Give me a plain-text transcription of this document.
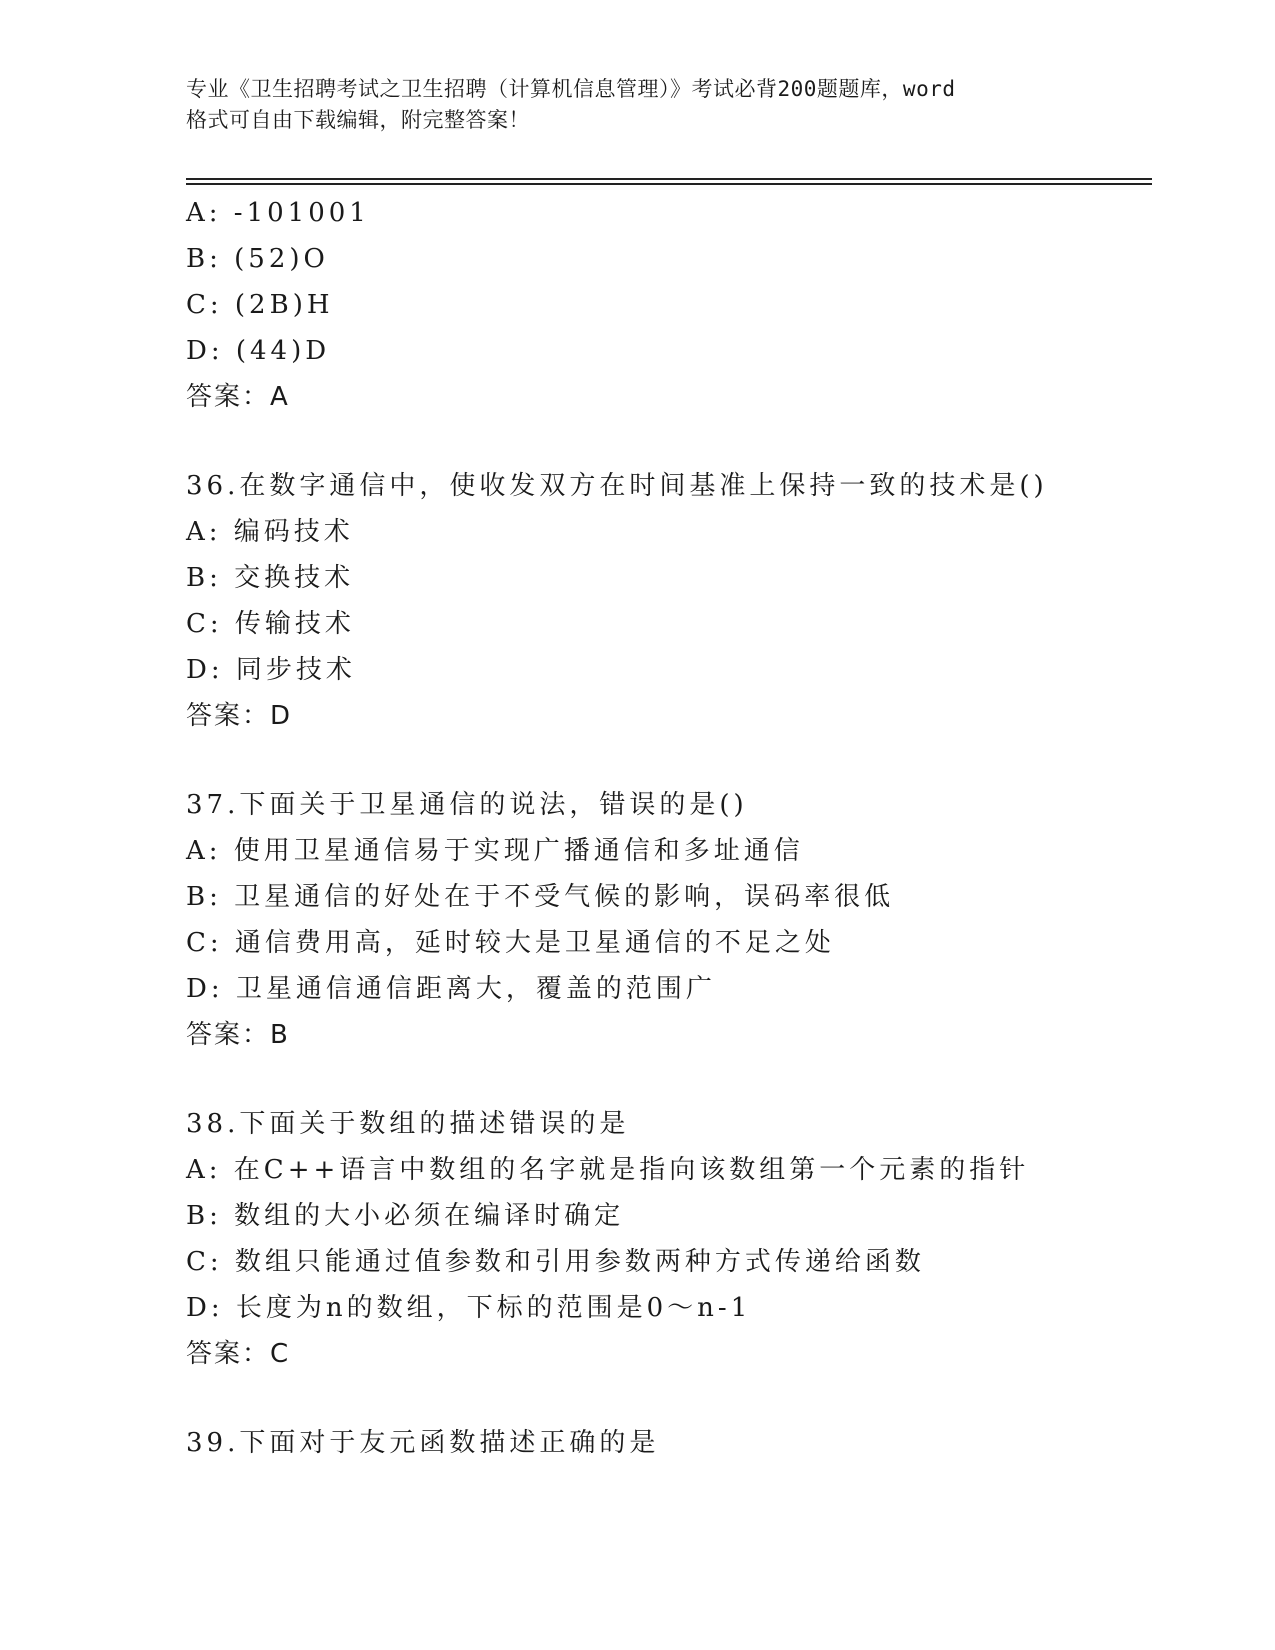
专业《卫生招聘考试之卫生招聘（计算机信息管理）》考试必背200题题库，word
格式可自由下载编辑，附完整答案！
A: -101001
B: (52)O
C: (2B)H
D: (44)D
答案：A
36.在数字通信中，使收发双方在时间基准上保持一致的技术是()
A: 编码技术
B: 交换技术
C: 传输技术
D: 同步技术
答案：D
37.下面关于卫星通信的说法，错误的是()
A: 使用卫星通信易于实现广播通信和多址通信
B: 卫星通信的好处在于不受气候的影响，误码率很低
C: 通信费用高，延时较大是卫星通信的不足之处
D: 卫星通信通信距离大，覆盖的范围广
答案：B
38.下面关于数组的描述错误的是
A: 在C++语言中数组的名字就是指向该数组第一个元素的指针
B: 数组的大小必须在编译时确定
C: 数组只能通过值参数和引用参数两种方式传递给函数
D: 长度为n的数组，下标的范围是0～n-1
答案：C
39.下面对于友元函数描述正确的是
